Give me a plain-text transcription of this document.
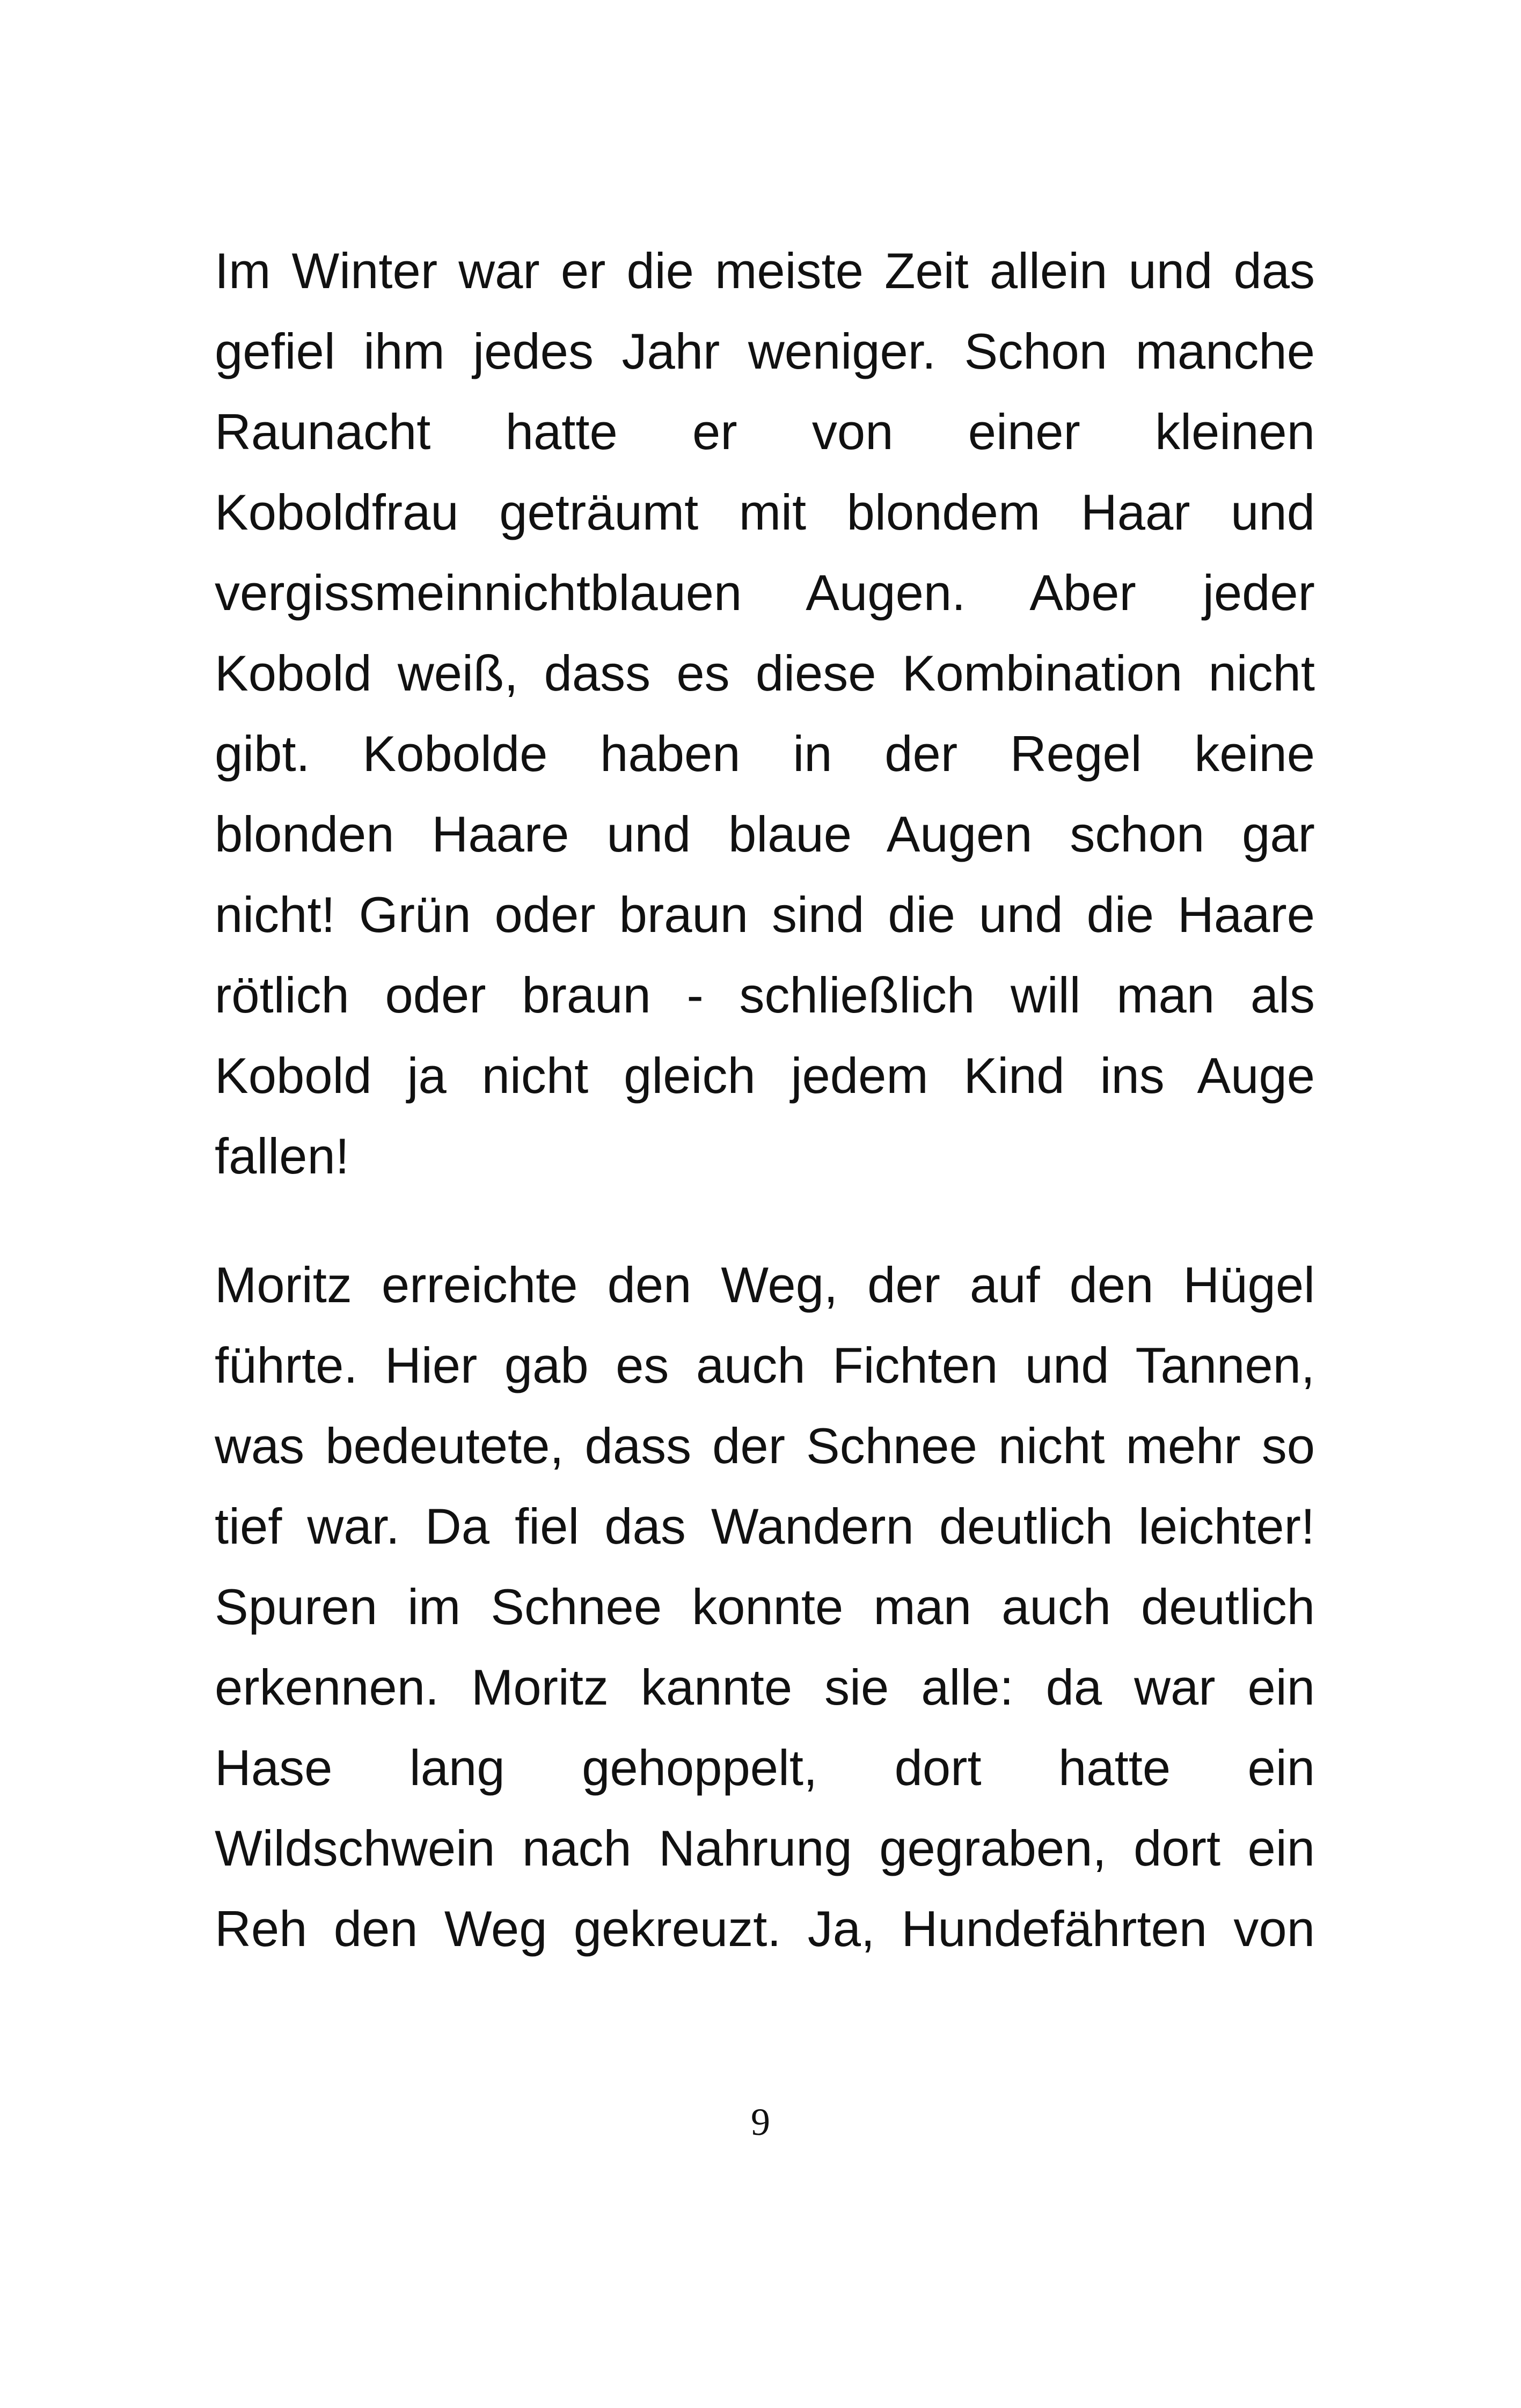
Im Winter war er die meiste Zeit allein und das
gefiel ihm jedes Jahr weniger. Schon manche
Raunacht hatte er von einer kleinen
Koboldfrau geträumt mit blondem Haar und
vergissmeinnichtblauen Augen. Aber jeder
Kobold weiß, dass es diese Kombination nicht
gibt. Kobolde haben in der Regel keine
blonden Haare und blaue Augen schon gar
nicht! Grün oder braun sind die und die Haare
rötlich oder braun - schließlich will man als
Kobold ja nicht gleich jedem Kind ins Auge
fallen!
Moritz erreichte den Weg, der auf den Hügel
führte. Hier gab es auch Fichten und Tannen,
was bedeutete, dass der Schnee nicht mehr so
tief war. Da fiel das Wandern deutlich leichter!
Spuren im Schnee konnte man auch deutlich
erkennen. Moritz kannte sie alle: da war ein
Hase lang gehoppelt, dort hatte ein
Wildschwein nach Nahrung gegraben, dort ein
Reh den Weg gekreuzt. Ja, Hundefährten von
9
